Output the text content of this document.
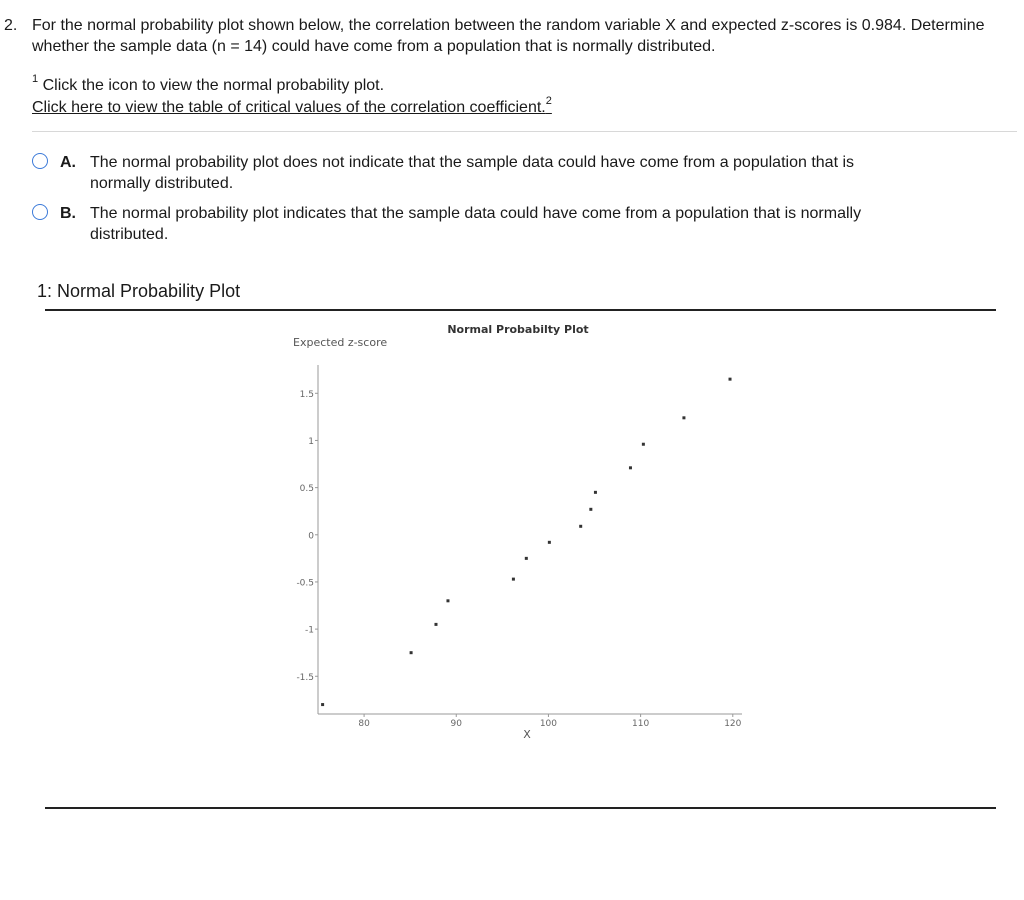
2. For the normal probability plot shown below, the correlation between the random variable X and expected z-scores is 0.984. Determine whether the sample data (n = 14) could have come from a population that is normally distributed.
$^1$ Click the icon to view the normal probability plot.
Click here to view the table of critical values of the correlation coefficient.$^2$
A. The normal probability plot does not indicate that the sample data could have come from a population that is normally distributed.
B. The normal probability plot indicates that the sample data could have come from a population that is normally distributed.
1: Normal Probability Plot
Normal Probabilty Plot
Expected z-score
X
1.5
1
0.5
0
-0.5
-1
-1.5
80	90	100	110	120
